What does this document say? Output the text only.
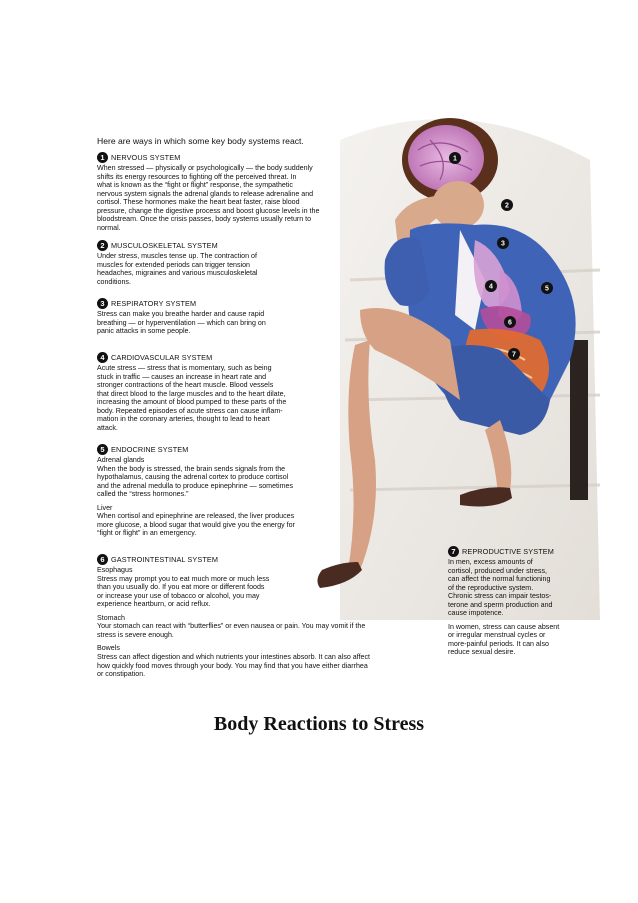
1
2
3
4	5
6
7

Here are ways in which some key body systems react.

1 NERVOUS SYSTEM

When stressed — physically or psychologically — the body suddenly
shifts its energy resources to fighting off the perceived threat. In
what is known as the “fight or flight” response, the sympathetic
nervous system signals the adrenal glands to release adrenaline and
cortisol. These hormones make the heart beat faster, raise blood
pressure, change the digestive process and boost glucose levels in the
bloodstream. Once the crisis passes, body systems usually return to
normal.

2 MUSCULOSKELETAL SYSTEM

Under stress, muscles tense up. The contraction of
muscles for extended periods can trigger tension
headaches, migraines and various musculoskeletal
conditions.

3 RESPIRATORY SYSTEM

Stress can make you breathe harder and cause rapid
breathing — or hyperventilation — which can bring on
panic attacks in some people.

4 CARDIOVASCULAR SYSTEM

Acute stress — stress that is momentary, such as being
stuck in traffic — causes an increase in heart rate and
stronger contractions of the heart muscle. Blood vessels
that direct blood to the large muscles and to the heart dilate,
increasing the amount of blood pumped to these parts of the
body. Repeated episodes of acute stress can cause inflam-
mation in the coronary arteries, thought to lead to heart
attack.

5 ENDOCRINE SYSTEM
Adrenal glands

When the body is stressed, the brain sends signals from the
hypothalamus, causing the adrenal cortex to produce cortisol
and the adrenal medulla to produce epinephrine — sometimes
called the “stress hormones.”

Liver

When cortisol and epinephrine are released, the liver produces
more glucose, a blood sugar that would give you the energy for
“fight or flight” in an emergency.

6 GASTROINTESTINAL SYSTEM
Esophagus

Stress may prompt you to eat much more or much less
than you usually do. If you eat more or different foods
or increase your use of tobacco or alcohol, you may
experience heartburn, or acid reflux.

Stomach

Your stomach can react with “butterflies” or even nausea or pain. You may vomit if the
stress is severe enough.

Bowels

Stress can affect digestion and which nutrients your intestines absorb. It can also affect
how quickly food moves through your body. You may find that you have either diarrhea
or constipation.

7 REPRODUCTIVE SYSTEM

In men, excess amounts of
cortisol, produced under stress,
can affect the normal functioning
of the reproductive system.
Chronic stress can impair testos-
terone and sperm production and
cause impotence.

In women, stress can cause absent
or irregular menstrual cycles or
more-painful periods. It can also
reduce sexual desire.

Body Reactions to Stress
